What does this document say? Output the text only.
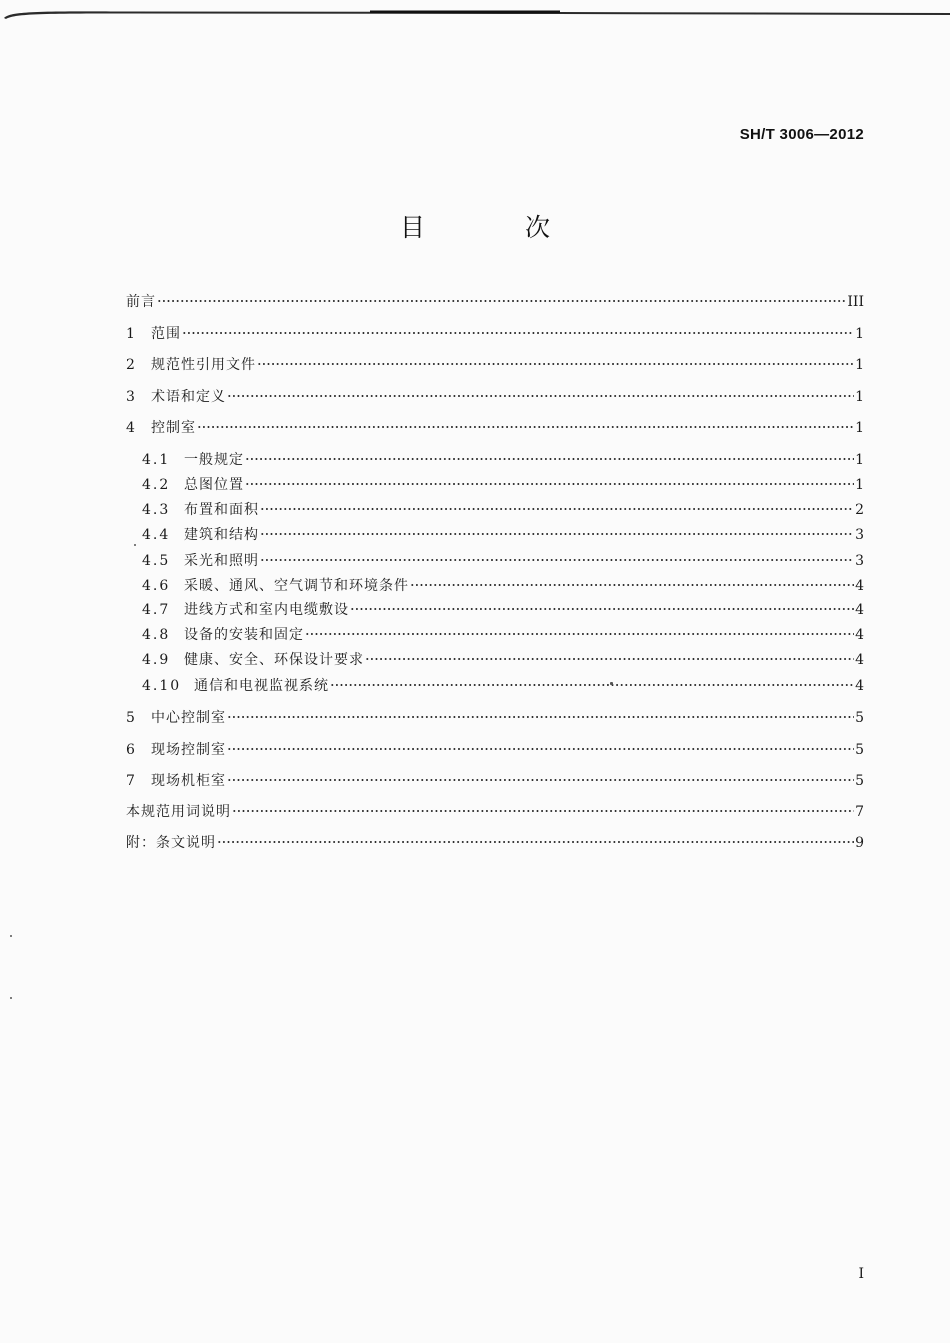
SH/T 3006—2012
目 次
前言	III
1	范围	1
2	规范性引用文件	1
3	术语和定义	1
4	控制室	1
4.1 一般规定	1
4.2 总图位置	1
4.3 布置和面积	2
4.4 建筑和结构	3
4.5 采光和照明	3
4.6 采暖、通风、空气调节和环境条件	4
4.7 进线方式和室内电缆敷设	4
4.8 设备的安装和固定	4
4.9 健康、安全、环保设计要求	4
4.10 通信和电视监视系统	4
5	中心控制室	5
6	现场控制室	5
7	现场机柜室	5
本规范用词说明	7
附：条文说明	9
I
